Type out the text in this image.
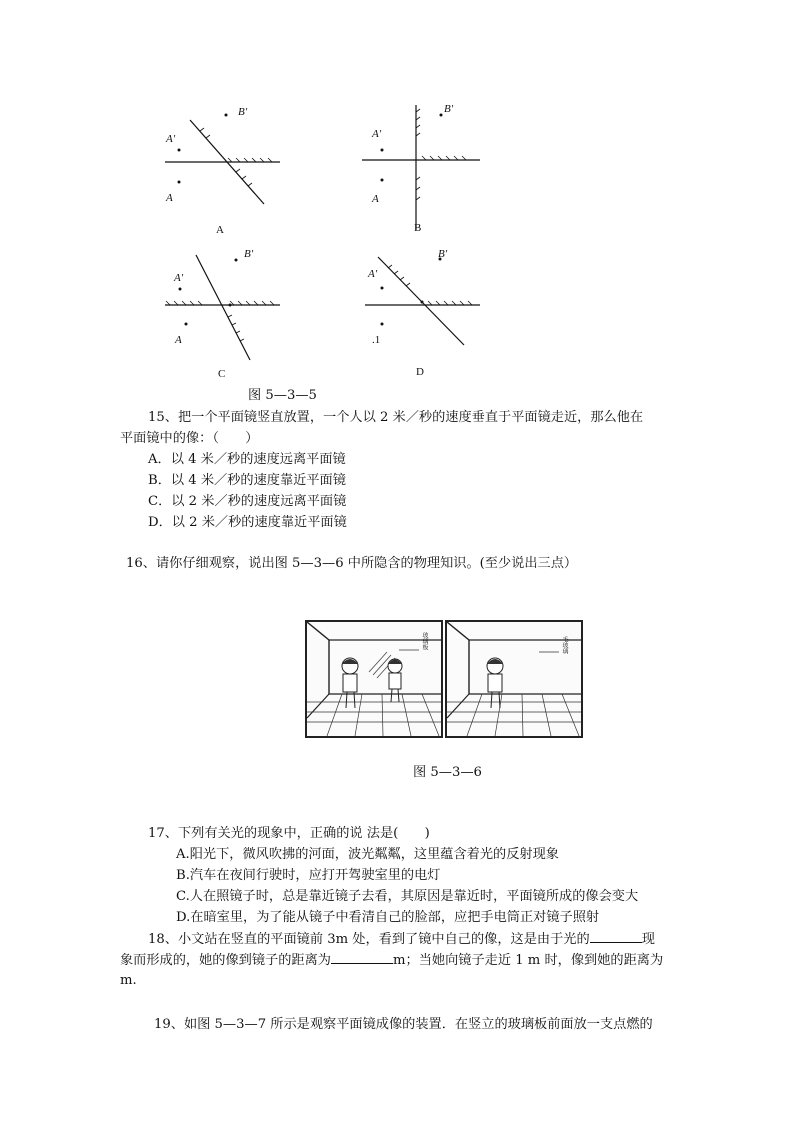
B′
A′
A
A
B′
A′
A
B
B′
A′
A
C
B′
A′
.1
D
图 5—3—5
15、把一个平面镜竖直放置，一个人以 2 米／秒的速度垂直于平面镜走近，那么他在
平面镜中的像：（　　）
A．以 4 米／秒的速度远离平面镜
B．以 4 米／秒的速度靠近平面镜
C．以 2 米／秒的速度远离平面镜
D．以 2 米／秒的速度靠近平面镜
16、请你仔细观察，说出图 5—3—6 中所隐含的物理知识。(至少说出三点）
玻璃板	毛玻璃
图 5—3—6
17、下列有关光的现象中，正确的说 法是(　　)
A.阳光下，微风吹拂的河面，波光粼粼，这里蕴含着光的反射现象
B.汽车在夜间行驶时，应打开驾驶室里的电灯
C.人在照镜子时，总是靠近镜子去看，其原因是靠近时，平面镜所成的像会变大
D.在暗室里，为了能从镜子中看清自己的脸部，应把手电筒正对镜子照射
18、小文站在竖直的平面镜前 3m 处，看到了镜中自己的像，这是由于光的	现
象而形成的，她的像到镜子的距离为	m；当她向镜子走近 1 m 时，像到她的距离为
m.
19、如图 5—3—7 所示是观察平面镜成像的装置．在竖立的玻璃板前面放一支点燃的
